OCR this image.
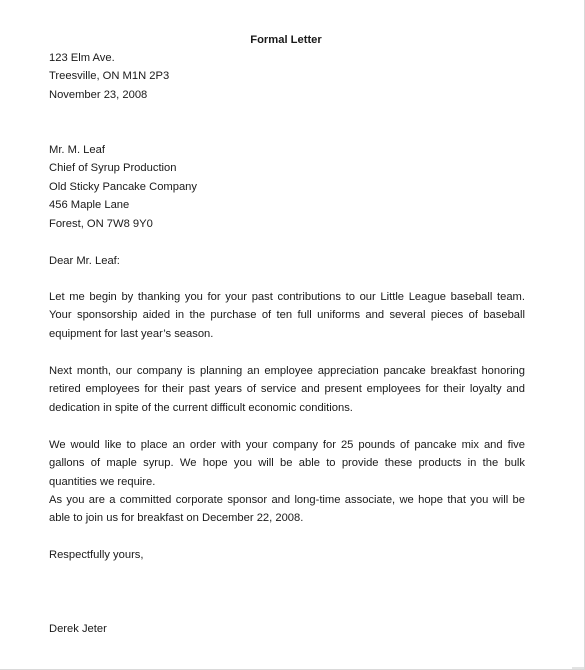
Formal Letter
123 Elm Ave.
Treesville, ON M1N 2P3
November 23, 2008
Mr. M. Leaf
Chief of Syrup Production
Old Sticky Pancake Company
456 Maple Lane
Forest, ON 7W8 9Y0
Dear Mr. Leaf:
Let me begin by thanking you for your past contributions to our Little League baseball team. Your sponsorship aided in the purchase of ten full uniforms and several pieces of baseball equipment for last year’s season.
Next month, our company is planning an employee appreciation pancake breakfast honoring retired employees for their past years of service and present employees for their loyalty and dedication in spite of the current difficult economic conditions.
We would like to place an order with your company for 25 pounds of pancake mix and five gallons of maple syrup. We hope you will be able to provide these products in the bulk quantities we require.
As you are a committed corporate sponsor and long-time associate, we hope that you will be able to join us for breakfast on December 22, 2008.
Respectfully yours,
Derek Jeter
